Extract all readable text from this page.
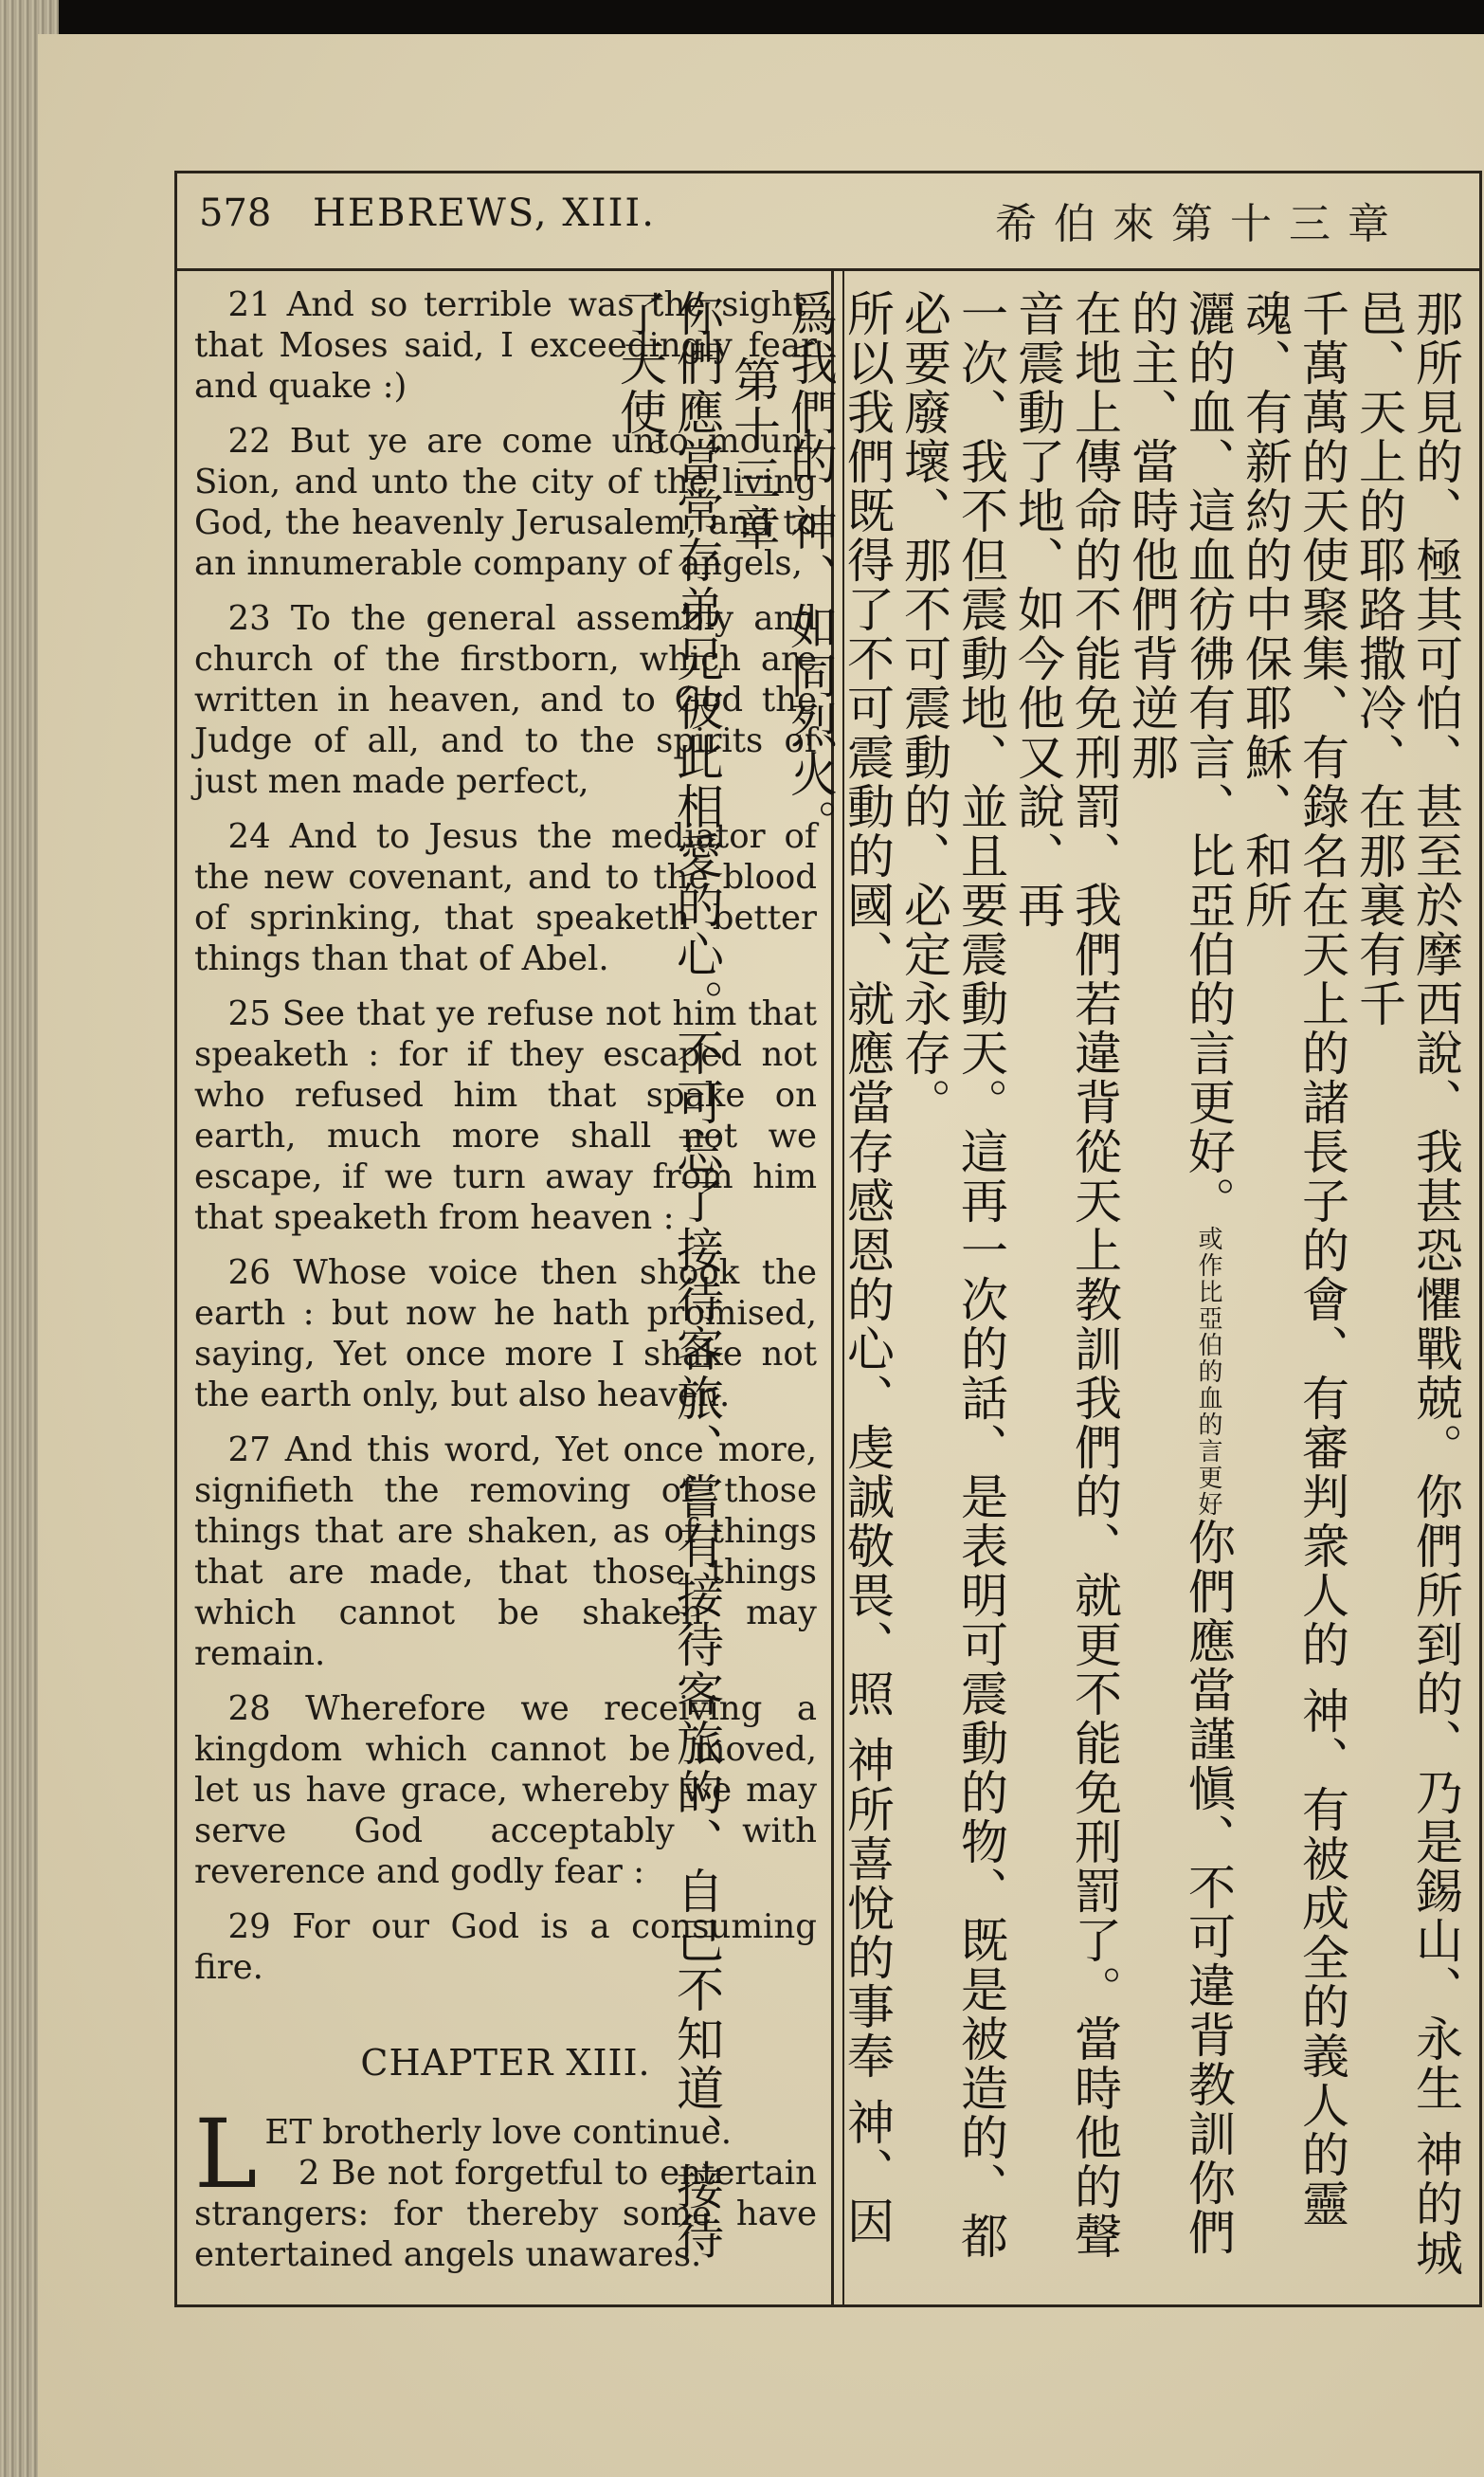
578 HEBREWS, XIII.	希伯來第十三章

 21 And so terrible was the sight, that Moses said, I exceedingly fear and quake :)

 22 But ye are come unto mount Sion, and unto the city of the living God, the heavenly Jerusalem, and to an innumerable company of angels,

 23 To the general assembly and church of the firstborn, which are written in heaven, and to God the Judge of all, and to the spirits of just men made perfect,

 24 And to Jesus the mediator of the new covenant, and to the blood of sprinking, that speaketh better things than that of Abel.

 25 See that ye refuse not him that speaketh : for if they escaped not who refused him that spake on earth, much more shall not we escape, if we turn away from him that speaketh from heaven :

 26 Whose voice then shook the earth : but now he hath promised, saying, Yet once more I shake not the earth only, but also heaven.

 27 And this word, Yet once more, signifieth the removing of those things that are shaken, as of things that are made, that those things which cannot be shaken may remain.

 28 Wherefore we receiving a kingdom which cannot be moved, let us have grace, whereby we may serve God acceptably with reverence and godly fear :

 29 For our God is a consuming fire.

CHAPTER XIII.

L ET brotherly love continue.
 2 Be not forgetful to entertain strangers: for thereby some have entertained angels unawares.	那所見的、極其可怕、甚至於摩西說、我甚恐懼戰兢。你們所到的、乃是錫山、永生 神的城邑、天上的耶路撒冷、在那裏有千
千萬萬的天使聚集、有錄名在天上的諸長子的會、有審判衆人的 神、有被成全的義人的靈魂、有新約的中保耶穌、和所
灑的血、這血彷彿有言、比亞伯的言更好。或作比亞伯的血的言更好你們應當謹愼、不可違背教訓你們的主、當時他們背逆那
在地上傳命的不能免刑罰、我們若違背從天上教訓我們的、就更不能免刑罰了。當時他的聲音震動了地、如今他又說、再
一次、我不但震動地、並且要震動天。這再一次的話、是表明可震動的物、既是被造的、都必要廢壞、那不可震動的、必定永存。
所以我們既得了不可震動的國、就應當存感恩的心、虔誠敬畏、照 神所喜悅的事奉 神、因爲我們的 神、如同烈火。
第十三章
你們應當常存弟兄彼此相愛的心。不可忘了接待客旅、嘗有接待客旅的、自己不知道、接待了天使。
